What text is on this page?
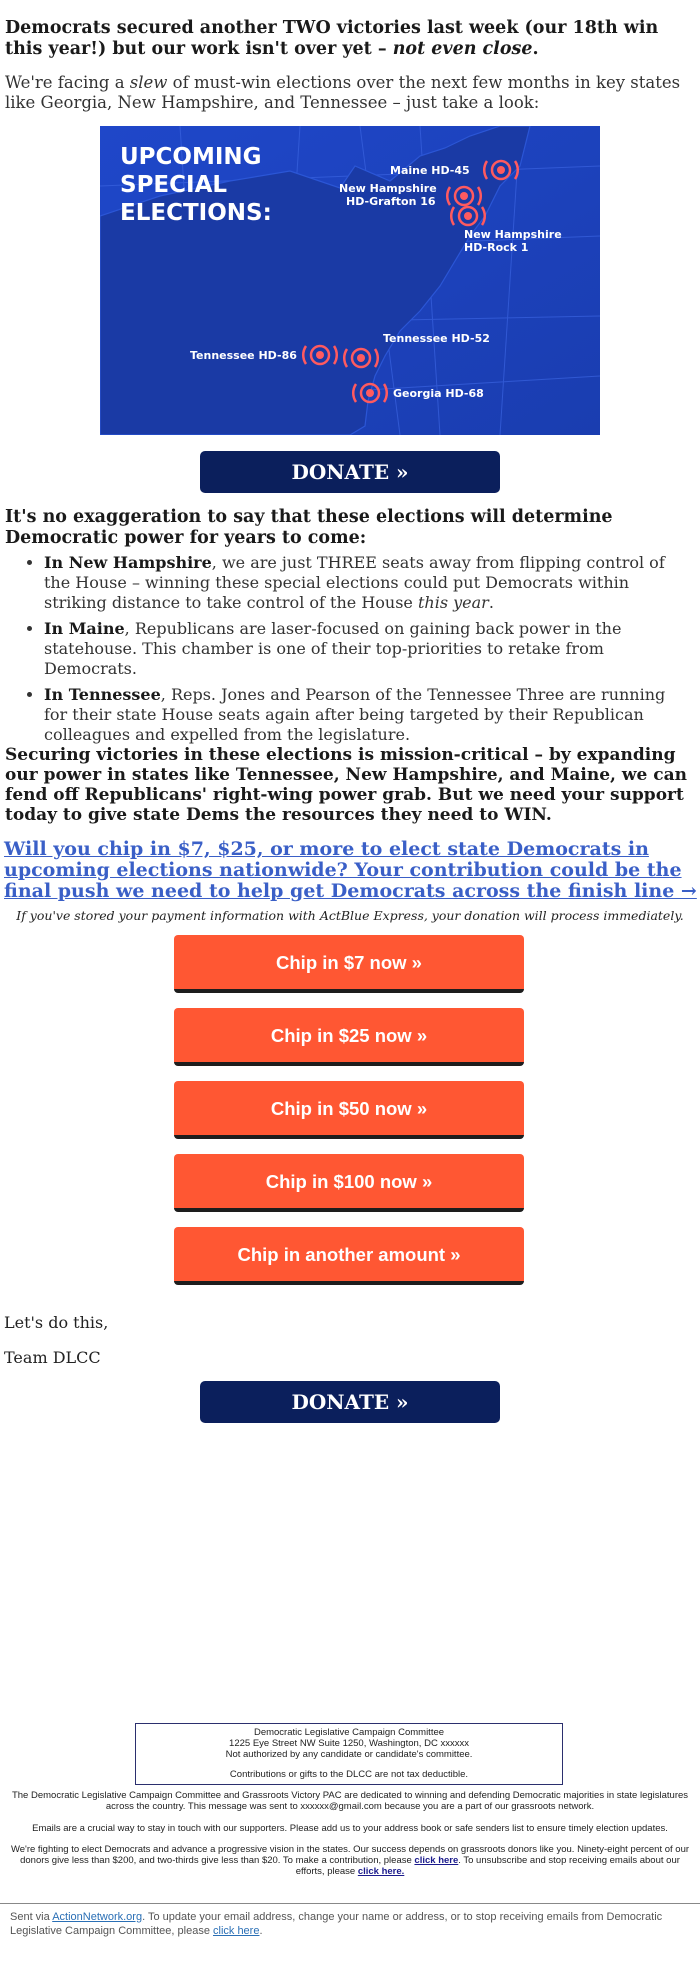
Democrats secured another TWO victories last week (our 18th win this year!) but our work isn't over yet – not even close.
We're facing a slew of must-win elections over the next few months in key states like Georgia, New Hampshire, and Tennessee – just take a look:
UPCOMING
SPECIAL
ELECTIONS:
Maine HD-45
New Hampshire
HD-Grafton 16
New Hampshire
HD-Rock 1
Tennessee HD-52
Tennessee HD-86
Georgia HD-68
DONATE »
It's no exaggeration to say that these elections will determine Democratic power for years to come:
• In New Hampshire, we are just THREE seats away from flipping control of the House – winning these special elections could put Democrats within striking distance to take control of the House this year.
• In Maine, Republicans are laser-focused on gaining back power in the statehouse. This chamber is one of their top-priorities to retake from Democrats.
• In Tennessee, Reps. Jones and Pearson of the Tennessee Three are running for their state House seats again after being targeted by their Republican colleagues and expelled from the legislature.
Securing victories in these elections is mission-critical – by expanding our power in states like Tennessee, New Hampshire, and Maine, we can fend off Republicans' right-wing power grab. But we need your support today to give state Dems the resources they need to WIN.
Will you chip in $7, $25, or more to elect state Democrats in upcoming elections nationwide? Your contribution could be the final push we need to help get Democrats across the finish line →
If you've stored your payment information with ActBlue Express, your donation will process immediately.
Chip in $7 now »
Chip in $25 now »
Chip in $50 now »
Chip in $100 now »
Chip in another amount »
Let's do this,
Team DLCC
DONATE »
Democratic Legislative Campaign Committee
1225 Eye Street NW Suite 1250, Washington, DC xxxxxx
Not authorized by any candidate or candidate's committee.
Contributions or gifts to the DLCC are not tax deductible.
The Democratic Legislative Campaign Committee and Grassroots Victory PAC are dedicated to winning and defending Democratic majorities in state legislatures across the country. This message was sent to xxxxxx@gmail.com because you are a part of our grassroots network.
Emails are a crucial way to stay in touch with our supporters. Please add us to your address book or safe senders list to ensure timely election updates.
We're fighting to elect Democrats and advance a progressive vision in the states. Our success depends on grassroots donors like you. Ninety-eight percent of our donors give less than $200, and two-thirds give less than $20. To make a contribution, please click here. To unsubscribe and stop receiving emails about our efforts, please click here.
Sent via ActionNetwork.org. To update your email address, change your name or address, or to stop receiving emails from Democratic Legislative Campaign Committee, please click here.
